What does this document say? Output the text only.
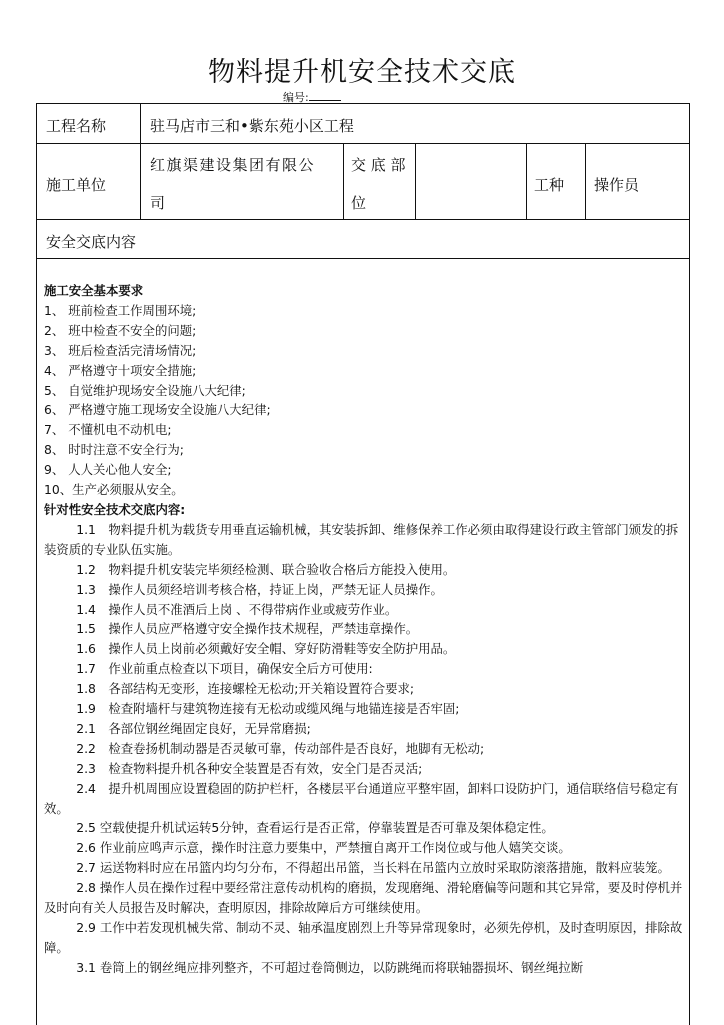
物料提升机安全技术交底
编号:
工程名称	驻马店市三和•紫东苑小区工程
施工单位
红旗渠建设集团有限公
司
交 底 部
位
工种 操作员
安全交底内容
施工安全基本要求
1、 班前检查工作周围环境;
2、 班中检查不安全的问题;
3、 班后检查活完清场情况;
4、 严格遵守十项安全措施;
5、 自觉维护现场安全设施八大纪律;
6、 严格遵守施工现场安全设施八大纪律;
7、 不懂机电不动机电;
8、 时时注意不安全行为;
9、 人人关心他人安全;
10、生产必须服从安全。
针对性安全技术交底内容:
1.1　物料提升机为载货专用垂直运输机械，其安装拆卸、维修保养工作必须由取得建设行政主管部门颁发的拆装资质的专业队伍实施。
1.2　物料提升机安装完毕须经检测、联合验收合格后方能投入使用。
1.3　操作人员须经培训考核合格，持证上岗，严禁无证人员操作。
1.4　操作人员不准酒后上岗 、不得带病作业或疲劳作业。
1.5　操作人员应严格遵守安全操作技术规程，严禁违章操作。
1.6　操作人员上岗前必须戴好安全帽、穿好防滑鞋等安全防护用品。
1.7　作业前重点检查以下项目，确保安全后方可使用:
1.8　各部结构无变形，连接螺栓无松动;开关箱设置符合要求;
1.9　检查附墙杆与建筑物连接有无松动或缆风绳与地锚连接是否牢固;
2.1　各部位钢丝绳固定良好，无异常磨损;
2.2　检查卷扬机制动器是否灵敏可靠，传动部件是否良好，地脚有无松动;
2.3　检查物料提升机各种安全装置是否有效，安全门是否灵活;
2.4　提升机周围应设置稳固的防护栏杆，各楼层平台通道应平整牢固，卸料口设防护门，通信联络信号稳定有效。
2.5 空载使提升机试运转5分钟，查看运行是否正常，停靠装置是否可靠及架体稳定性。
2.6 作业前应鸣声示意，操作时注意力要集中，严禁擅自离开工作岗位或与他人嬉笑交谈。
2.7 运送物料时应在吊篮内均匀分布，不得超出吊篮，当长料在吊篮内立放时采取防滚落措施，散料应装笼。
2.8 操作人员在操作过程中要经常注意传动机构的磨损，发现磨绳、滑轮磨偏等问题和其它异常，要及时停机并及时向有关人员报告及时解决，查明原因，排除故障后方可继续使用。
2.9 工作中若发现机械失常、制动不灵、轴承温度剧烈上升等异常现象时，必须先停机，及时查明原因，排除故障。
3.1 卷筒上的钢丝绳应排列整齐，不可超过卷筒侧边，以防跳绳而将联轴器损坏、钢丝绳拉断
